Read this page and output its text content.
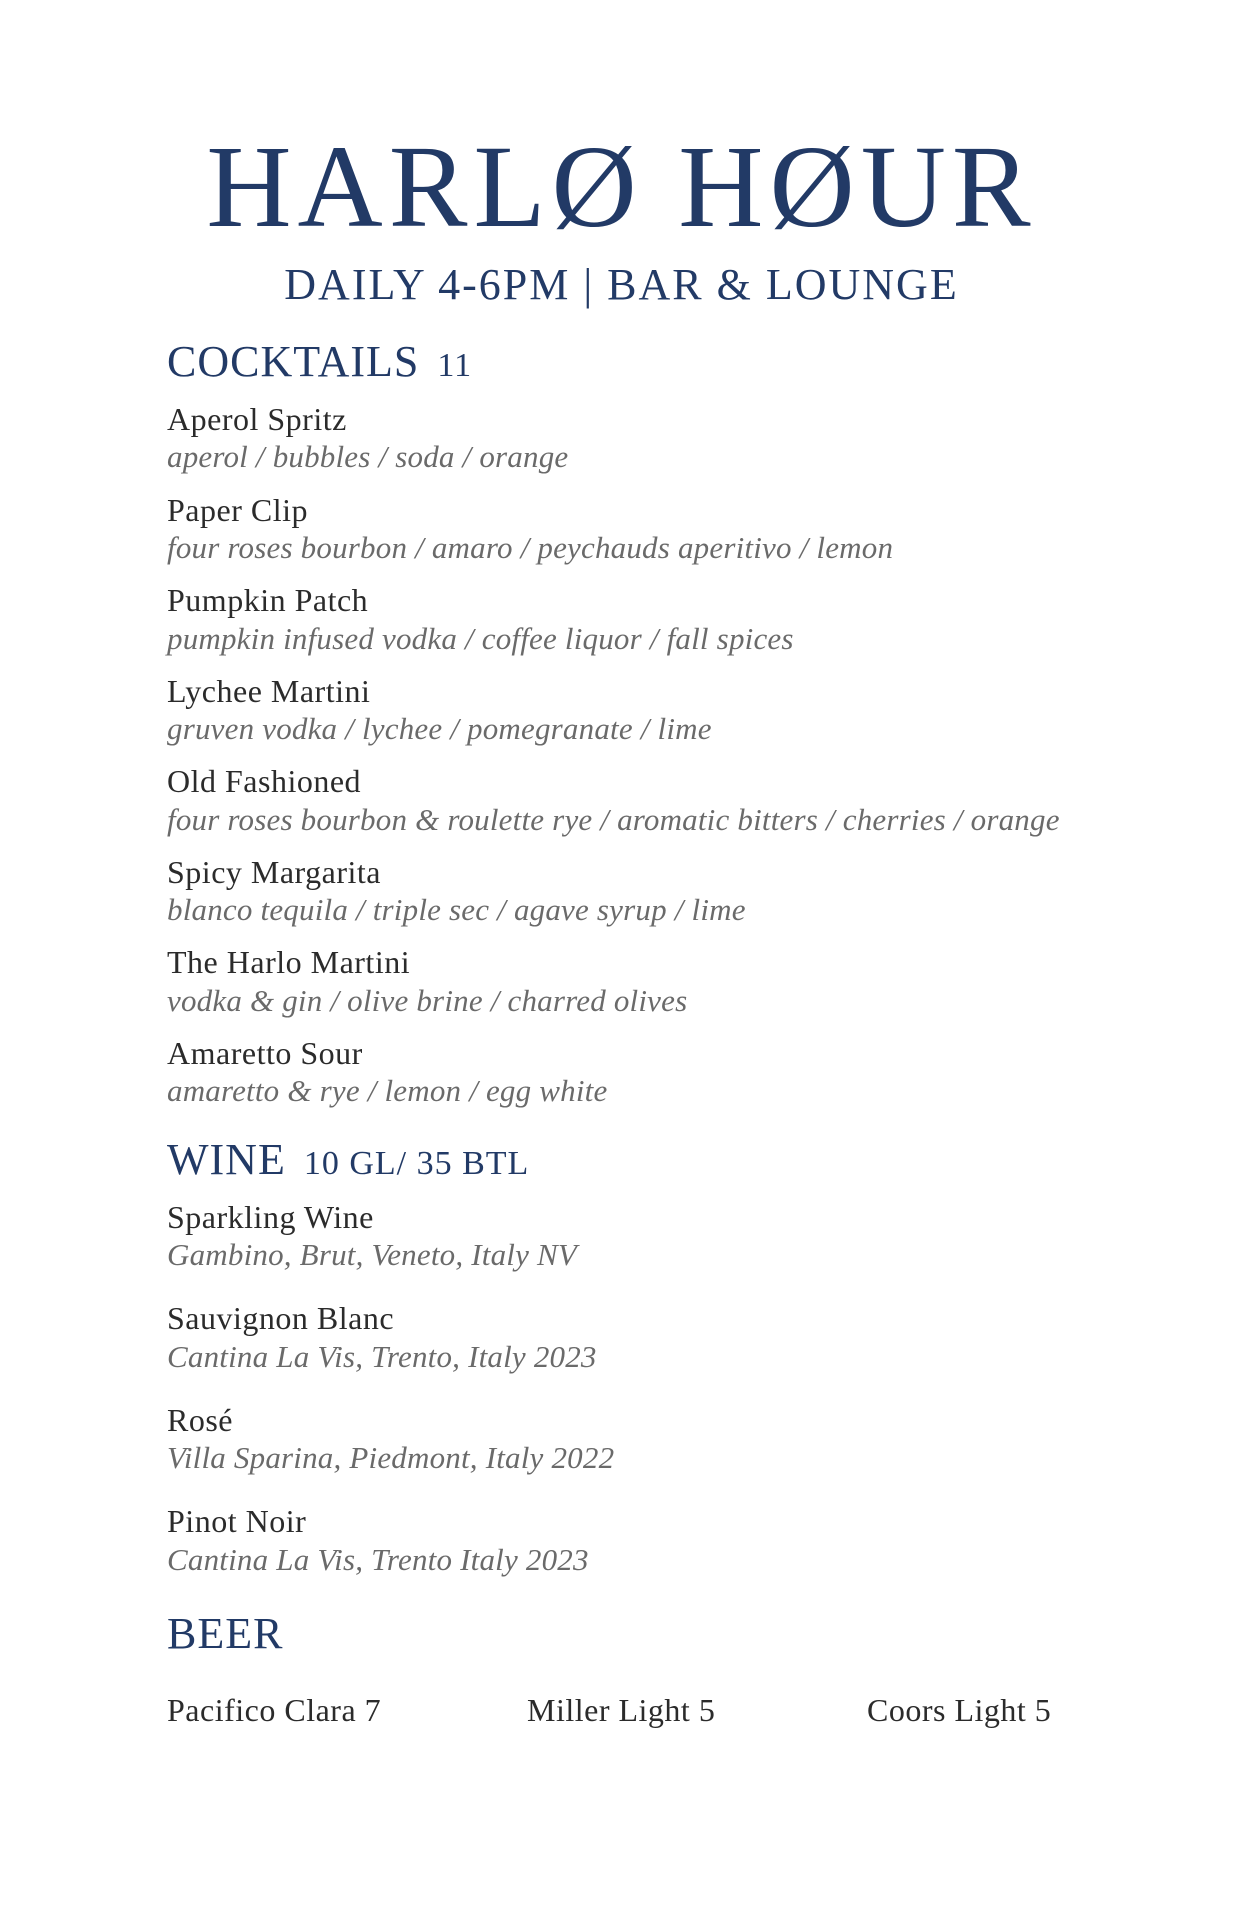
HARLØ HØUR
DAILY 4-6PM | BAR & LOUNGE
COCKTAILS 11
Aperol Spritz
aperol / bubbles / soda / orange
Paper Clip
four roses bourbon / amaro / peychauds aperitivo / lemon
Pumpkin Patch
pumpkin infused vodka / coffee liquor / fall spices
Lychee Martini
gruven vodka / lychee / pomegranate / lime
Old Fashioned
four roses bourbon & roulette rye / aromatic bitters / cherries / orange
Spicy Margarita
blanco tequila / triple sec / agave syrup / lime
The Harlo Martini
vodka & gin / olive brine / charred olives
Amaretto Sour
amaretto & rye / lemon / egg white
WINE 10 GL/ 35 BTL
Sparkling Wine
Gambino, Brut, Veneto, Italy NV
Sauvignon Blanc
Cantina La Vis, Trento, Italy 2023
Rosé
Villa Sparina, Piedmont, Italy 2022
Pinot Noir
Cantina La Vis, Trento Italy 2023
BEER
Pacifico Clara 7	Miller Light 5	Coors Light 5
